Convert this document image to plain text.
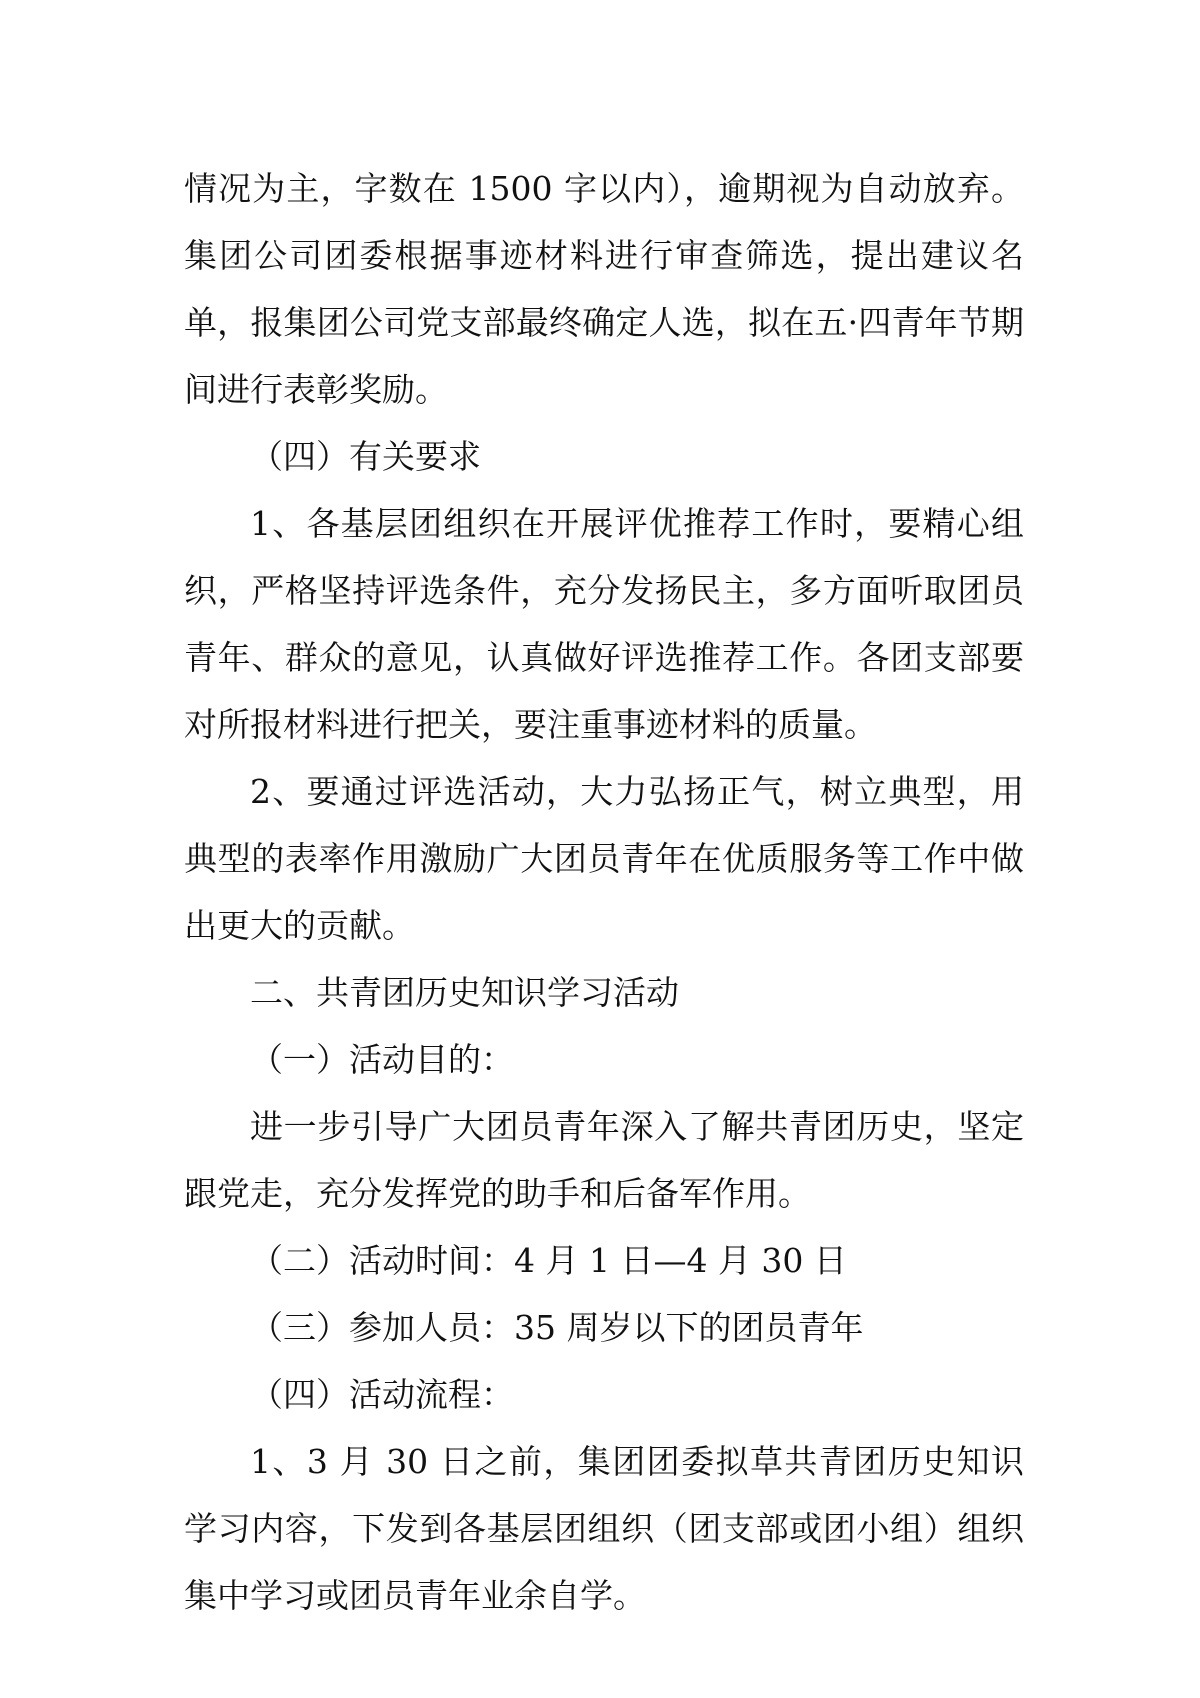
情况为主，字数在 1500 字以内），逾期视为自动放弃。集团公司团委根据事迹材料进行审查筛选，提出建议名单，报集团公司党支部最终确定人选，拟在五·四青年节期间进行表彰奖励。

（四）有关要求

1、各基层团组织在开展评优推荐工作时，要精心组织，严格坚持评选条件，充分发扬民主，多方面听取团员青年、群众的意见，认真做好评选推荐工作。各团支部要对所报材料进行把关，要注重事迹材料的质量。

2、要通过评选活动，大力弘扬正气，树立典型，用典型的表率作用激励广大团员青年在优质服务等工作中做出更大的贡献。

二、共青团历史知识学习活动

（一）活动目的：

进一步引导广大团员青年深入了解共青团历史，坚定跟党走，充分发挥党的助手和后备军作用。

（二）活动时间：4 月 1 日—4 月 30 日

（三）参加人员：35 周岁以下的团员青年

（四）活动流程：

1、3 月 30 日之前，集团团委拟草共青团历史知识学习内容，下发到各基层团组织（团支部或团小组）组织集中学习或团员青年业余自学。
